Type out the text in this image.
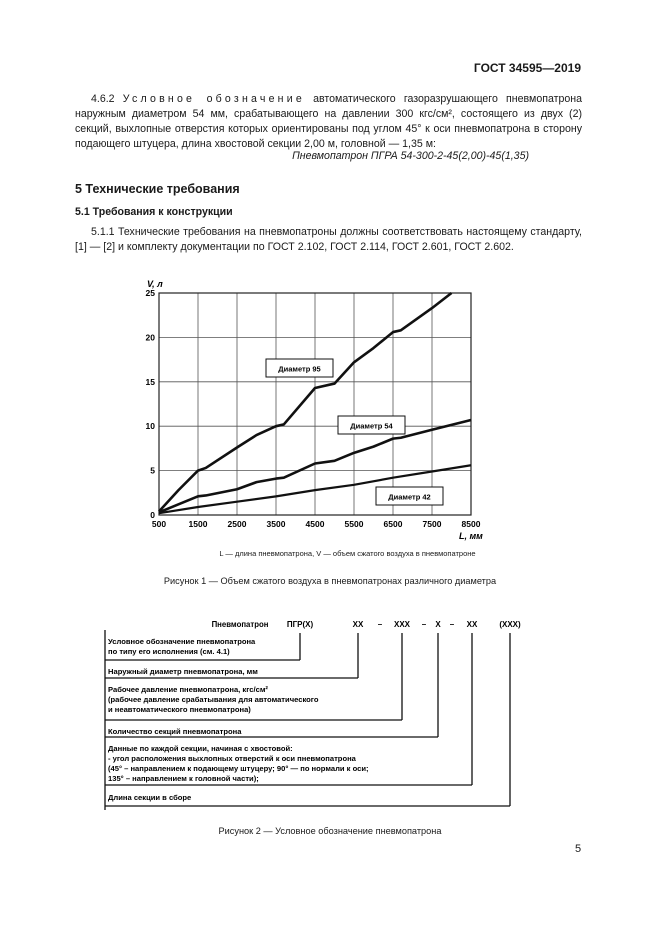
ГОСТ 34595—2019
4.6.2 Условное обозначение автоматического газоразрушающего пневмопатрона наружным диаметром 54 мм, срабатывающего на давлении 300 кгс/см², состоящего из двух (2) секций, выхлопные отверстия которых ориентированы под углом 45° к оси пневмопатрона в сторону подающего штуцера, длина хвостовой секции 2,00 м, головной — 1,35 м:
Пневмопатрон ПГРА 54-300-2-45(2,00)-45(1,35)
5 Технические требования
5.1 Требования к конструкции
5.1.1 Технические требования на пневмопатроны должны соответствовать настоящему стандарту, [1] — [2] и комплекту документации по ГОСТ 2.102, ГОСТ 2.114, ГОСТ 2.601, ГОСТ 2.602.
500	1500 2500 3500 4500 5500 6500 7500 8500
0
5
10
15
20
25
V, л
L, мм
Диаметр 95
Диаметр 54
Диаметр 42
L — длина пневмопатрона, V — объем сжатого воздуха в пневмопатроне
Рисунок 1 — Объем сжатого воздуха в пневмопатронах различного диаметра
Пневмопатрон ПГР(Х)	ХХ – ХХХ – Х – ХХ	(ХХХ)
Условное обозначение пневмопатрона
по типу его исполнения (см. 4.1)
Наружный диаметр пневмопатрона, мм
Рабочее давление пневмопатрона, кгс/см²
(рабочее давление срабатывания для автоматического
и неавтоматического пневмопатрона)
Количество секций пневмопатрона
Данные по каждой секции, начиная с хвостовой:
- угол расположения выхлопных отверстий к оси пневмопатрона
(45° – направлением к подающему штуцеру; 90° — по нормали к оси;
135° – направлением к головной части);
Длина секции в сборе
Рисунок 2 — Условное обозначение пневмопатрона
5
